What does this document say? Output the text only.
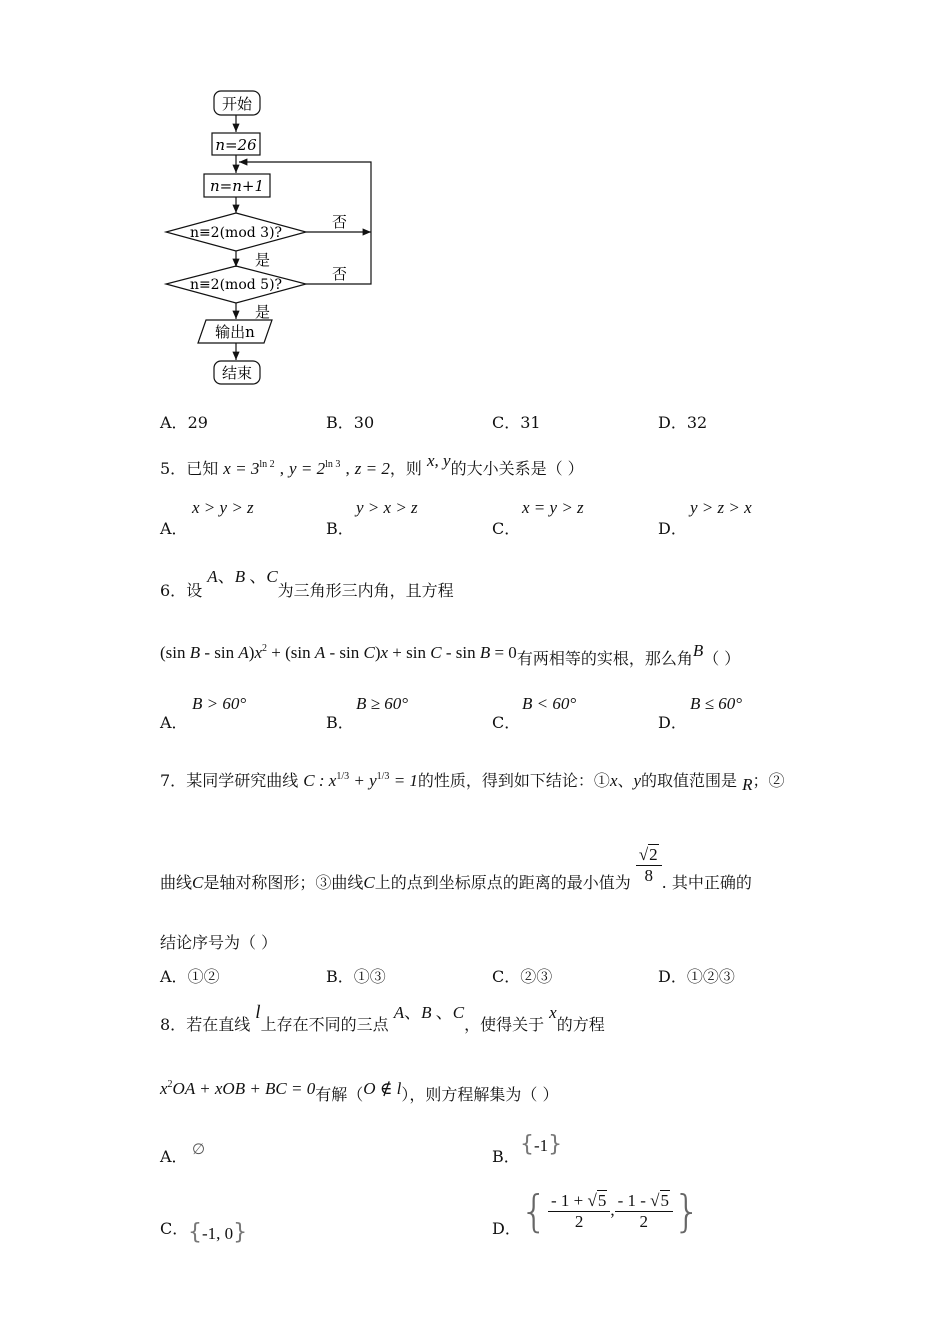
开始
n=26
n=n+1
n≡2(mod 3)?
否
是
n≡2(mod 5)?
否
是
输出n
结束
A．29	B．30	C．31	D．32
5．已知 $x = 3^{ln 2}$ , $y = 2^{ln 3}$ , z = 2，则 x, y的大小关系是（ ）
A．
x > y > z
B．
y > x > z
C．
x = y > z
D．
y > z > x
6．设 A、B 、C为三角形三内角，且方程
(sin $B - \sin A)x^2 + (\sin$ A - sin C)x + sin C - sin B = 0有两相等的实根，那么角B（ ）
A．
B > 60°
B．
B ≥ 60°
C．
B < 60°
D．
B ≤ 60°
7．某同学研究曲线 C : $x^{1/3} + y^{1/3} = 1$的性质，得到如下结论：①x、y的取值范围是 R；②
曲线C是轴对称图形；③曲线C上的点到坐标原点的距离的最小值为 $\frac{√2}{8}$ . 其中正确的
结论序号为（ ）
A．①②	B．①③	C．②③	D．①②③
8．若在直线 l上存在不同的三点 A、B 、C，使得关于 x的方程
$x^2OA$ + xOB + BC = 0有解（O ∉ l），则方程解集为（ ）
A． ∅	B． {-1}
C． {-1, 0}	D． { $\frac{- 1 + √5}{2}$ , $\frac{- 1 - √5}{2}$ }
